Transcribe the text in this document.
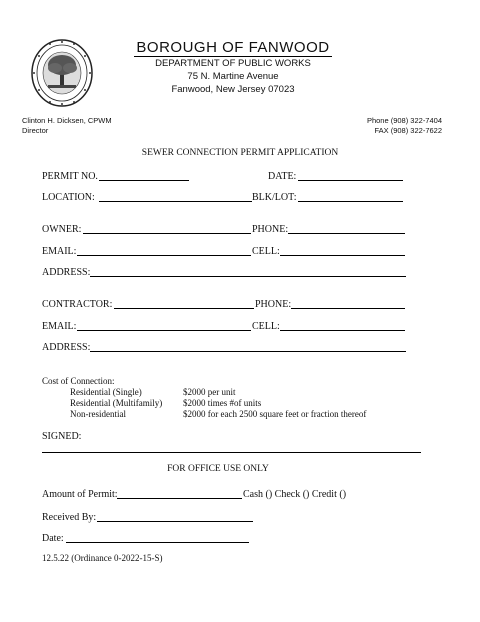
BOROUGH OF FANWOOD
DEPARTMENT OF PUBLIC WORKS
75 N. Martine Avenue
Fanwood, New Jersey 07023
Clinton H. Dicksen, CPWM
Director
Phone (908) 322-7404
FAX (908) 322-7622
SEWER CONNECTION PERMIT APPLICATION
PERMIT NO.	DATE:
LOCATION:	BLK/LOT:
OWNER:	PHONE:
EMAIL:	CELL:
ADDRESS:
CONTRACTOR:	PHONE:
EMAIL:	CELL:
ADDRESS:
Cost of Connection:
Residential (Single)	$2000 per unit
Residential (Multifamily) $2000 times #of units
Non-residential	$2000 for each 2500 square feet or fraction thereof
SIGNED:
FOR OFFICE USE ONLY
Amount of Permit:	Cash () Check () Credit ()
Received By:
Date:
12.5.22 (Ordinance 0-2022-15-S)
